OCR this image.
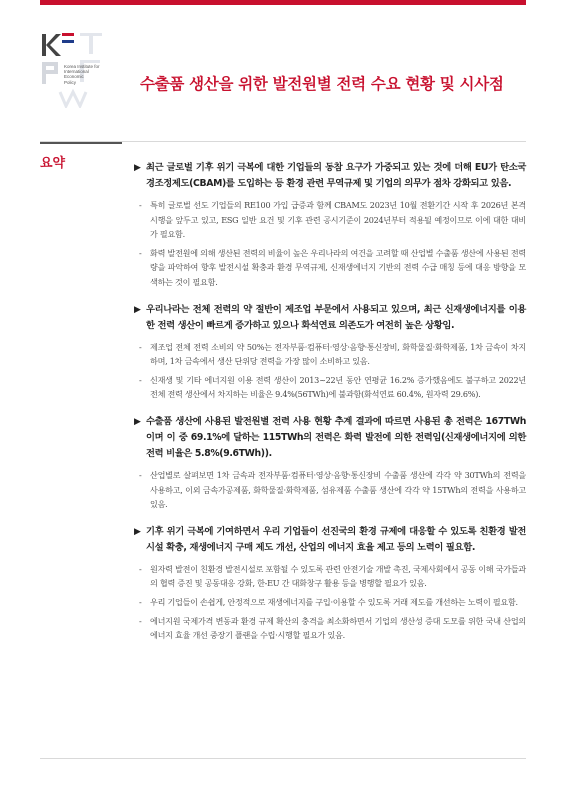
Korea Institute for
International
Economic
Policy	수출품 생산을 위한 발전원별 전력 수요 현황 및 시사점
요약	▶ 최근 글로벌 기후 위기 극복에 대한 기업들의 동참 요구가 가중되고 있는 것에 더해 EU가 탄소국경조정제도(CBAM)를 도입하는 등 환경 관련 무역규제 및 기업의 의무가 점차 강화되고 있음.
- 특히 글로벌 선도 기업들의 RE100 가입 급증과 함께 CBAM도 2023년 10월 전환기간 시작 후 2026년 본격 시행을 앞두고 있고, ESG 일반 요건 및 기후 관련 공시기준이 2024년부터 적용될 예정이므로 이에 대한 대비가 필요함.
- 화력 발전원에 의해 생산된 전력의 비율이 높은 우리나라의 여건을 고려할 때 산업별 수출품 생산에 사용된 전력량을 파악하여 향후 발전시설 확충과 환경 무역규제, 신재생에너지 기반의 전력 수급 매칭 등에 대응 방향을 모색하는 것이 필요함.
▶ 우리나라는 전체 전력의 약 절반이 제조업 부문에서 사용되고 있으며, 최근 신재생에너지를 이용한 전력 생산이 빠르게 증가하고 있으나 화석연료 의존도가 여전히 높은 상황임.
- 제조업 전체 전력 소비의 약 50%는 전자부품·컴퓨터·영상·음향·통신장비, 화학물질·화학제품, 1차 금속이 차지하며, 1차 금속에서 생산 단위당 전력을 가장 많이 소비하고 있음.
- 신재생 및 기타 에너지원 이용 전력 생산이 2013~22년 동안 연평균 16.2% 증가했음에도 불구하고 2022년 전체 전력 생산에서 차지하는 비율은 9.4%(56TWh)에 불과함(화석연료 60.4%, 원자력 29.6%).
▶ 수출품 생산에 사용된 발전원별 전력 사용 현황 추계 결과에 따르면 사용된 총 전력은 167TWh이며 이 중 69.1%에 달하는 115TWh의 전력은 화력 발전에 의한 전력임(신재생에너지에 의한 전력 비율은 5.8%(9.6TWh)).
- 산업별로 살펴보면 1차 금속과 전자부품·컴퓨터·영상·음향·통신장비 수출품 생산에 각각 약 30TWh의 전력을 사용하고, 이외 금속가공제품, 화학물질·화학제품, 섬유제품 수출품 생산에 각각 약 15TWh의 전력을 사용하고 있음.
▶ 기후 위기 극복에 기여하면서 우리 기업들이 선진국의 환경 규제에 대응할 수 있도록 친환경 발전시설 확충, 재생에너지 구매 제도 개선, 산업의 에너지 효율 제고 등의 노력이 필요함.
- 원자력 발전이 친환경 발전시설로 포함될 수 있도록 관련 안전기술 개발 촉진, 국제사회에서 공동 이해 국가들과의 협력 증진 및 공동대응 강화, 한-EU 간 대화창구 활용 등을 병행할 필요가 있음.
- 우리 기업들이 손쉽게, 안정적으로 재생에너지를 구입·이용할 수 있도록 거래 제도를 개선하는 노력이 필요함.
- 에너지원 국제가격 변동과 환경 규제 확산의 충격을 최소화하면서 기업의 생산성 증대 도모를 위한 국내 산업의 에너지 효율 개선 중장기 플랜을 수립·시행할 필요가 있음.
